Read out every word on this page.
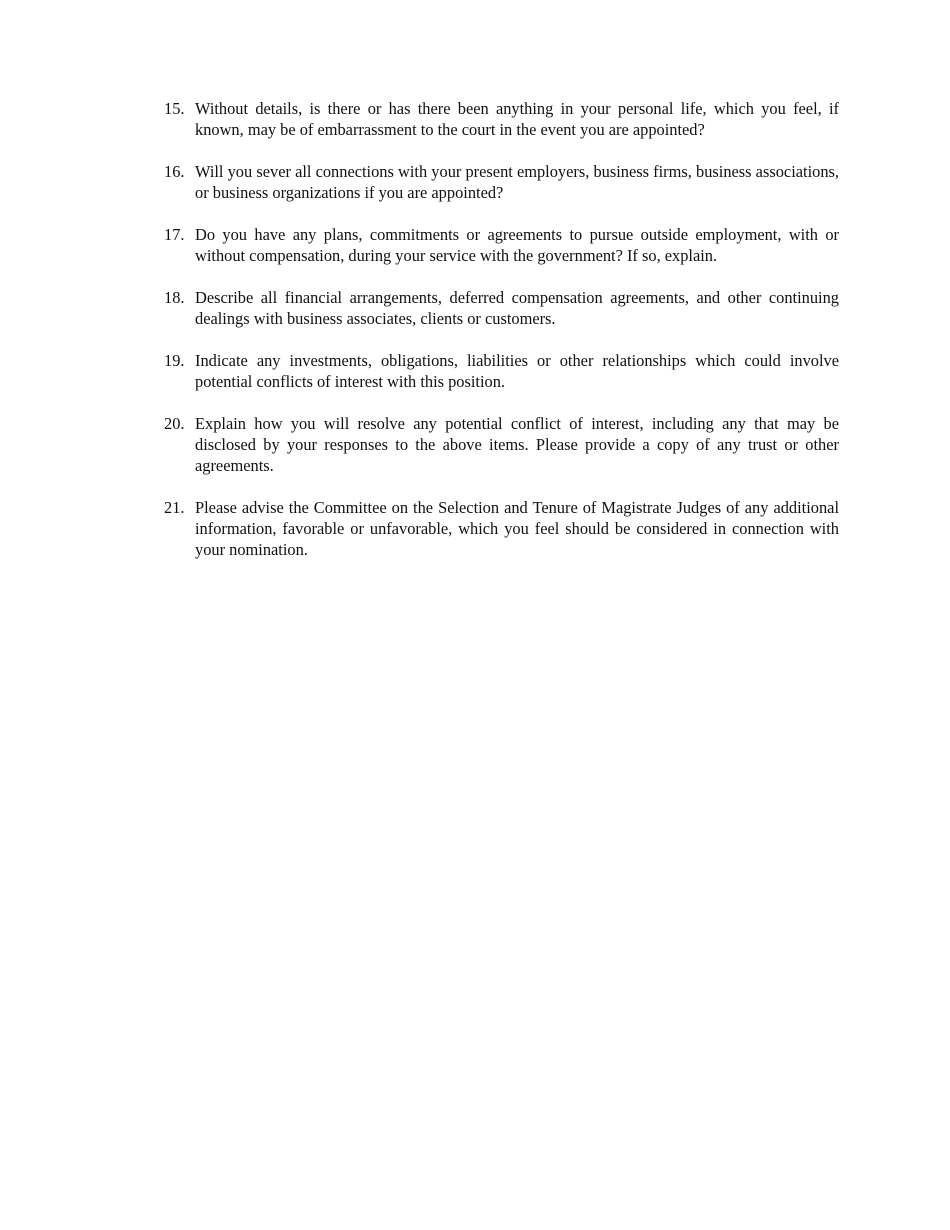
15. Without details, is there or has there been anything in your personal life, which you feel, if known, may be of embarrassment to the court in the event you are appointed?
16. Will you sever all connections with your present employers, business firms, business associations, or business organizations if you are appointed?
17. Do you have any plans, commitments or agreements to pursue outside employment, with or without compensation, during your service with the government? If so, explain.
18. Describe all financial arrangements, deferred compensation agreements, and other continuing dealings with business associates, clients or customers.
19. Indicate any investments, obligations, liabilities or other relationships which could involve potential conflicts of interest with this position.
20. Explain how you will resolve any potential conflict of interest, including any that may be disclosed by your responses to the above items. Please provide a copy of any trust or other agreements.
21. Please advise the Committee on the Selection and Tenure of Magistrate Judges of any additional information, favorable or unfavorable, which you feel should be considered in connection with your nomination.
